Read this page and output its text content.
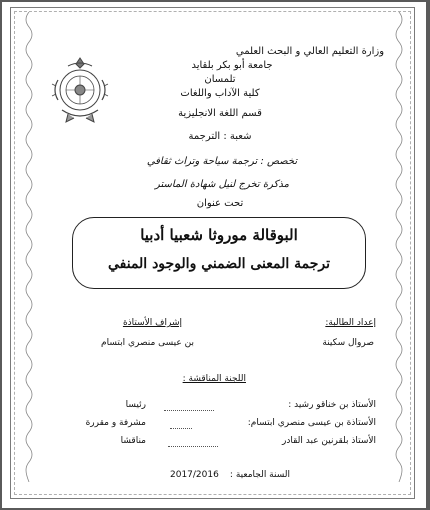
وزارة التعليم العالي و البحث العلمي
جامعة أبو بكر بلقايد
تلمسان
كلية الآداب واللغات
قسم اللغة الانجليزية
شعبة : الترجمة
تخصص : ترجمة سياحة وتراث ثقافي
مذكرة تخرج لنيل شهادة الماستر
تحت عنوان
البوقالة موروثا شعبيا أدبيا
ترجمة المعنى الضمني والوجود المنفي
إعداد الطالبة:
صروال سكينة
إشراف الأستاذة
بن عيسى منصري ابتسام
اللجنة المناقشة :
الأستاذ بن خناقو رشيد :
رئيسا
الأستاذة بن عيسى منصري ابتسام:
مشرفة و مقررة
الأستاذ بلقرنين عبد القادر
مناقشا
السنة الجامعية :
2017/2016
